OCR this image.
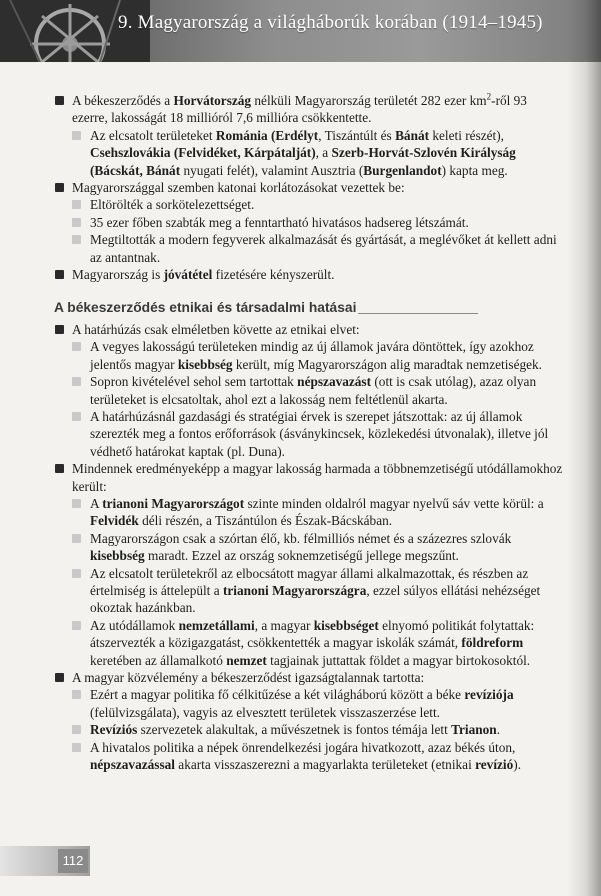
9. Magyarország a világháborúk korában (1914–1945)
A békeszerződés a Horvátország nélküli Magyarország területét 282 ezer $km^2$-ről 93 ezerre, lakosságát 18 millióról 7,6 millióra csökkentette.
Az elcsatolt területeket Románia (Erdélyt, Tiszántúlt és Bánát keleti részét), Csehszlovákia (Felvidéket, Kárpátalját), a Szerb-Horvát-Szlovén Királyság (Bácskát, Bánát nyugati felét), valamint Ausztria (Burgenlandot) kapta meg.
Magyarországgal szemben katonai korlátozásokat vezettek be:
Eltörölték a sorkötelezettséget.
35 ezer főben szabták meg a fenntartható hivatásos hadsereg létszámát.
Megtiltották a modern fegyverek alkalmazását és gyártását, a meglévőket át kellett adni az antantnak.
Magyarország is jóvátétel fizetésére kényszerült.
A békeszerződés etnikai és társadalmi hatásai
A határhúzás csak elméletben követte az etnikai elvet:
A vegyes lakosságú területeken mindig az új államok javára döntöttek, így azokhoz jelentős magyar kisebbség került, míg Magyarországon alig maradtak nemzetiségek.
Sopron kivételével sehol sem tartottak népszavazást (ott is csak utólag), azaz olyan területeket is elcsatoltak, ahol ezt a lakosság nem feltétlenül akarta.
A határhúzásnál gazdasági és stratégiai érvek is szerepet játszottak: az új államok szerezték meg a fontos erőforrások (ásványkincsek, közlekedési útvonalak), illetve jól védhető határokat kaptak (pl. Duna).
Mindennek eredményeképp a magyar lakosság harmada a többnemzetiségű utódállamokhoz került:
A trianoni Magyarországot szinte minden oldalról magyar nyelvű sáv vette körül: a Felvidék déli részén, a Tiszántúlon és Észak-Bácskában.
Magyarországon csak a szórtan élő, kb. félmilliós német és a százezres szlovák kisebbség maradt. Ezzel az ország soknemzetiségű jellege megszűnt.
Az elcsatolt területekről az elbocsátott magyar állami alkalmazottak, és részben az értelmiség is áttelepült a trianoni Magyarországra, ezzel súlyos ellátási nehézséget okoztak hazánkban.
Az utódállamok nemzetállami, a magyar kisebbséget elnyomó politikát folytattak: átszervezték a közigazgatást, csökkentették a magyar iskolák számát, földreform keretében az államalkotó nemzet tagjainak juttattak földet a magyar birtokosoktól.
A magyar közvélemény a békeszerződést igazságtalannak tartotta:
Ezért a magyar politika fő célkitűzése a két világháború között a béke revíziója (felülvizsgálata), vagyis az elvesztett területek visszaszerzése lett.
Revíziós szervezetek alakultak, a művészetnek is fontos témája lett Trianon.
A hivatalos politika a népek önrendelkezési jogára hivatkozott, azaz békés úton, népszavazással akarta visszaszerezni a magyarlakta területeket (etnikai revízió).
112
